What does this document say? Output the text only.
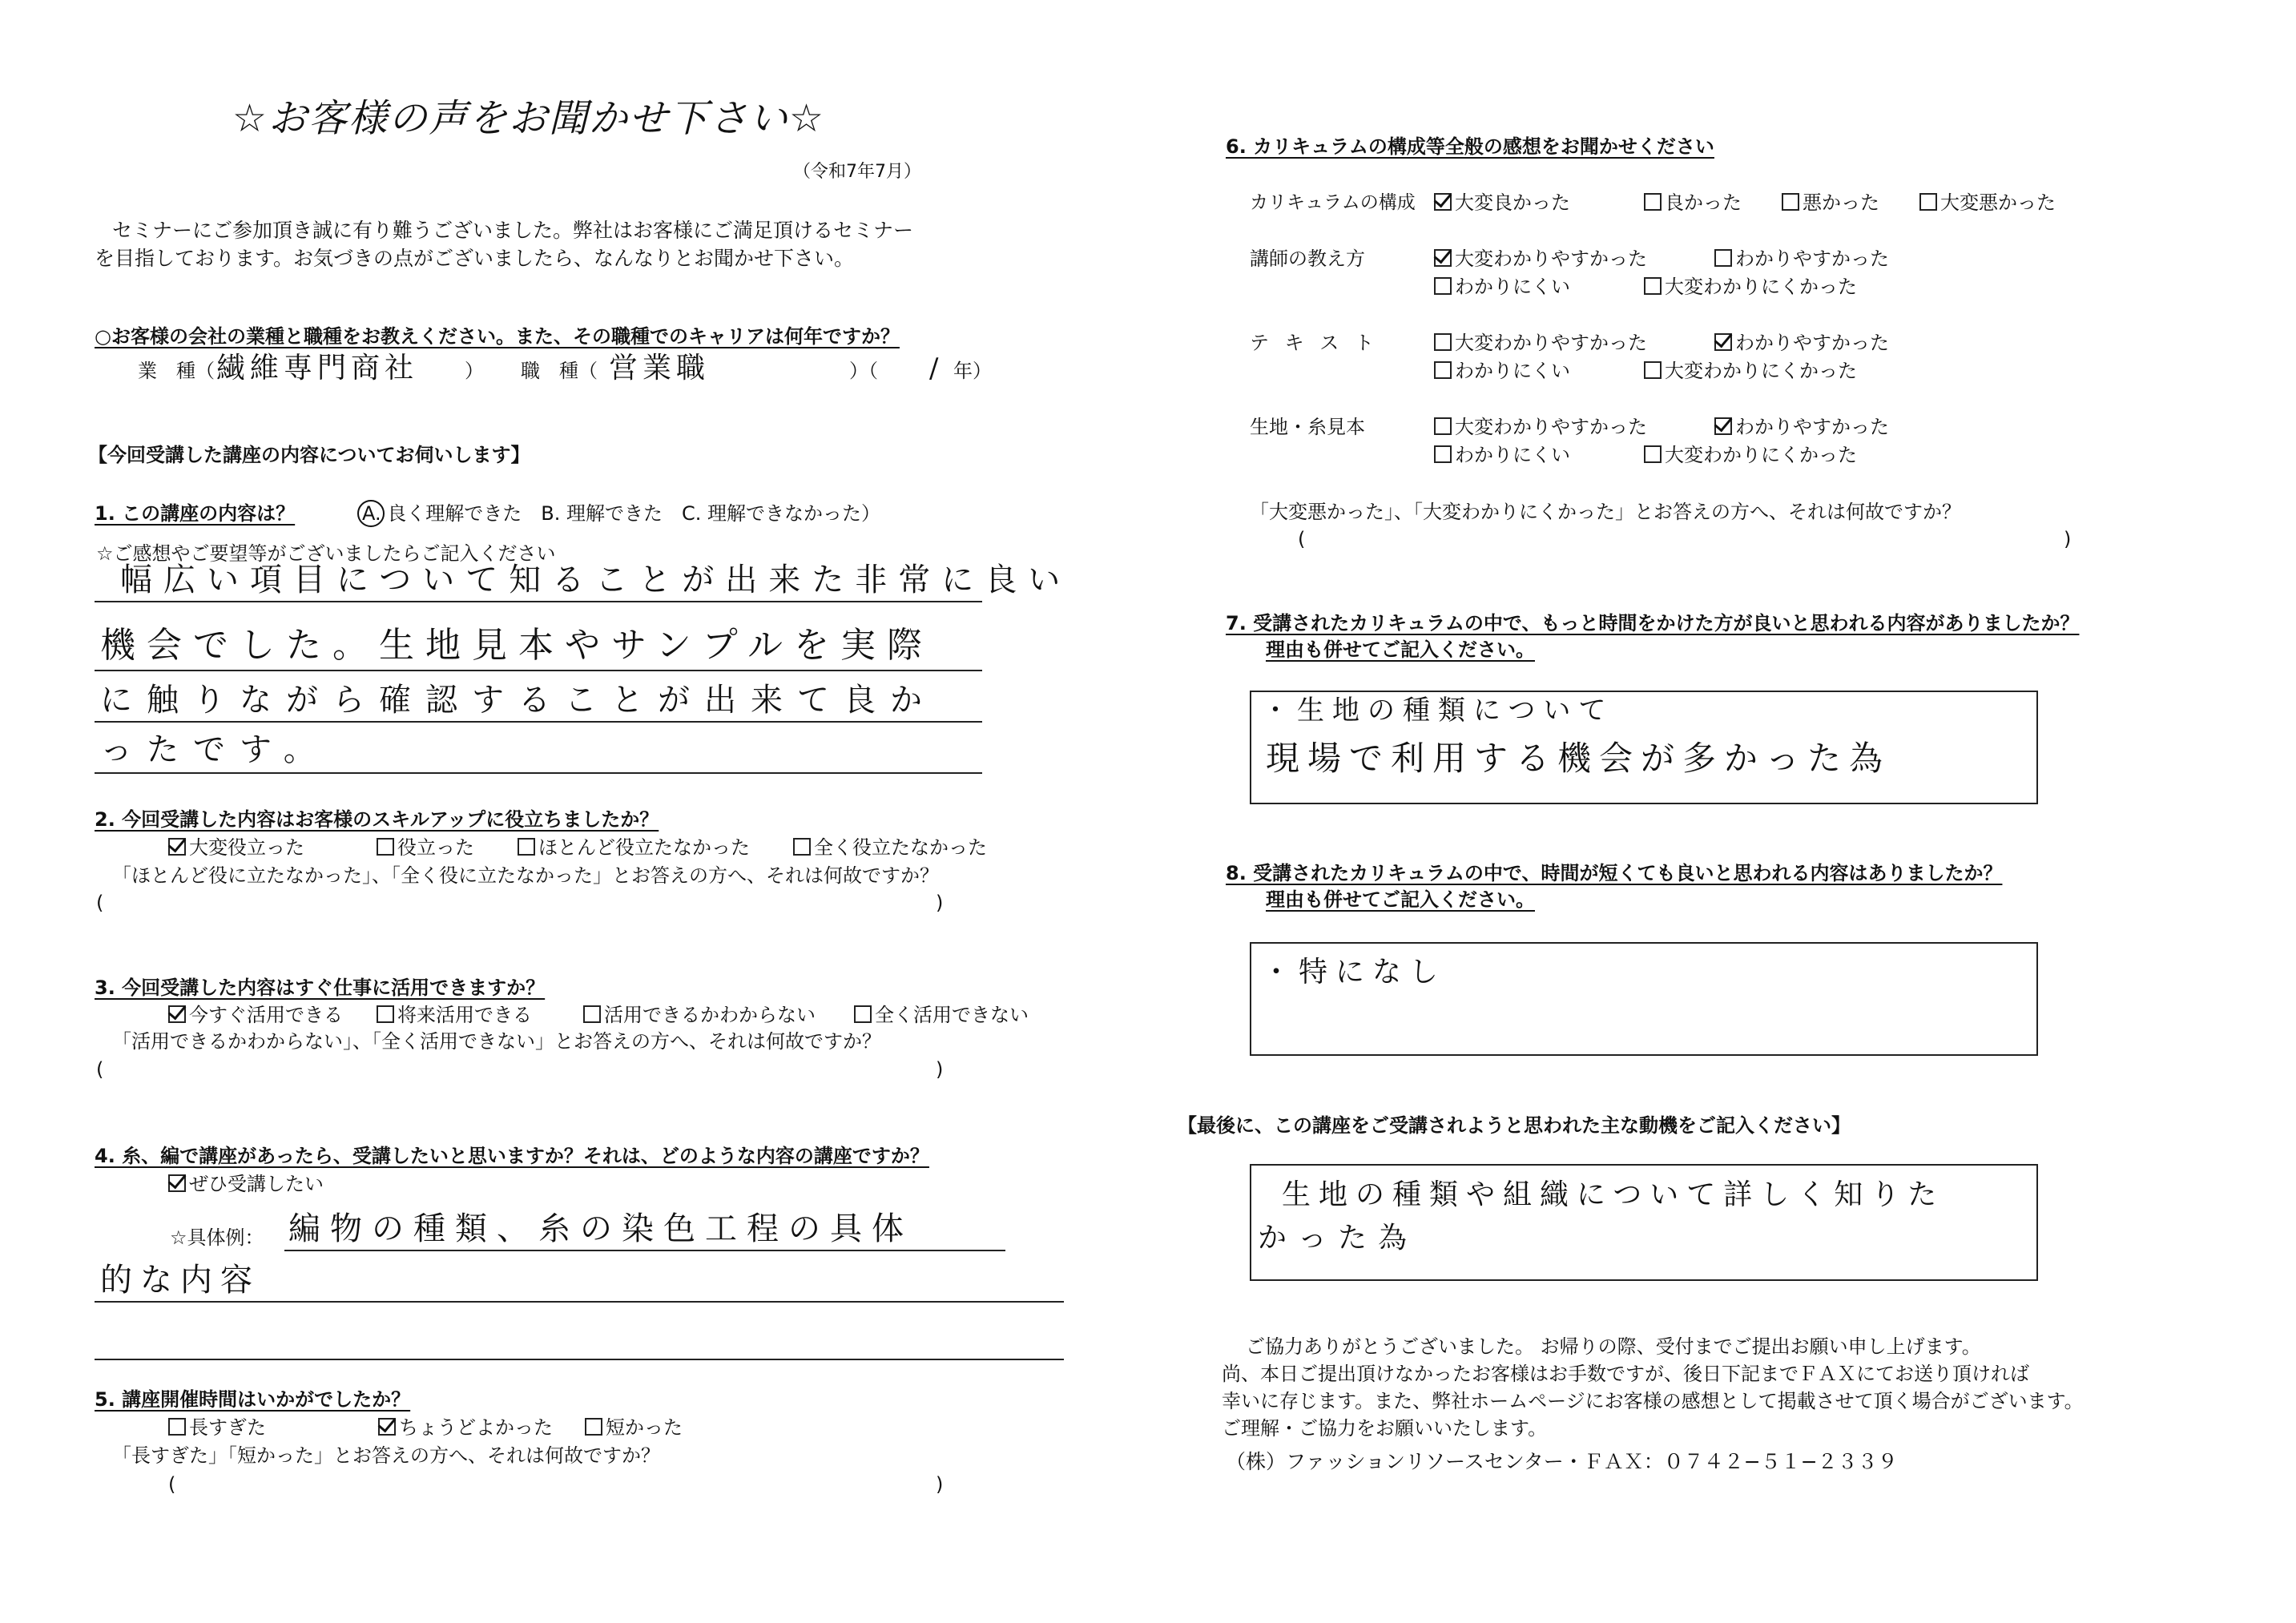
☆お客様の声をお聞かせ下さい☆
（令和7年7月）
セミナーにご参加頂き誠に有り難うございました。弊社はお客様にご満足頂けるセミナー
を目指しております。お気づきの点がございましたら、なんなりとお聞かせ下さい。
○お客様の会社の業種と職種をお教えください。また、その職種でのキャリアは何年ですか？
業　種（ 繊維専門商社 ） 職　種（ 営業職	）（ / 年）
【今回受講した講座の内容についてお伺いします】
1. この講座の内容は？	A. 良く理解できた　B. 理解できた　C. 理解できなかった）
☆ご感想やご要望等がございましたらご記入ください
幅広い項目について知ることが出来た非常に良い
機会でした。生地見本やサンプルを実際
に触りながら確認することが出来て良か
ったです。
2. 今回受講した内容はお客様のスキルアップに役立ちましたか？
大変役立った	役立った	ほとんど役立たなかった	全く役立たなかった
「ほとんど役に立たなかった」、「全く役に立たなかった」とお答えの方へ、それは何故ですか？
(	)
3. 今回受講した内容はすぐ仕事に活用できますか？
今すぐ活用できる	将来活用できる	活用できるかわからない	全く活用できない
「活用できるかわからない」、「全く活用できない」とお答えの方へ、それは何故ですか？
(	)
4. 糸、編で講座があったら、受講したいと思いますか？それは、どのような内容の講座ですか？
ぜひ受講したい
☆具体例： 編物の種類、糸の染色工程の具体
的な内容
5. 講座開催時間はいかがでしたか？
長すぎた	ちょうどよかった	短かった
「長すぎた」「短かった」とお答えの方へ、それは何故ですか？
(	)
6. カリキュラムの構成等全般の感想をお聞かせください
カリキュラムの構成	大変良かった	良かった	悪かった	大変悪かった
講師の教え方	大変わかりやすかった	わかりやすかった
わかりにくい	大変わかりにくかった
テ キ ス ト	大変わかりやすかった	わかりやすかった
わかりにくい	大変わかりにくかった
生地・糸見本	大変わかりやすかった	わかりやすかった
わかりにくい	大変わかりにくかった
「大変悪かった」、「大変わかりにくかった」とお答えの方へ、それは何故ですか？
(	)
7. 受講されたカリキュラムの中で、もっと時間をかけた方が良いと思われる内容がありましたか？
理由も併せてご記入ください。
・生地の種類について
現場で利用する機会が多かった為
8. 受講されたカリキュラムの中で、時間が短くても良いと思われる内容はありましたか？
理由も併せてご記入ください。
・特になし
【最後に、この講座をご受講されようと思われた主な動機をご記入ください】
生地の種類や組織について詳しく知りた
かった為
ご協力ありがとうございました。 お帰りの際、受付までご提出お願い申し上げます。
尚、本日ご提出頂けなかったお客様はお手数ですが、後日下記までＦＡＸにてお送り頂ければ
幸いに存じます。また、弊社ホームページにお客様の感想として掲載させて頂く場合がございます。
ご理解・ご協力をお願いいたします。
（株）ファッションリソースセンター・ＦＡＸ：０７４２−５１−２３３９
